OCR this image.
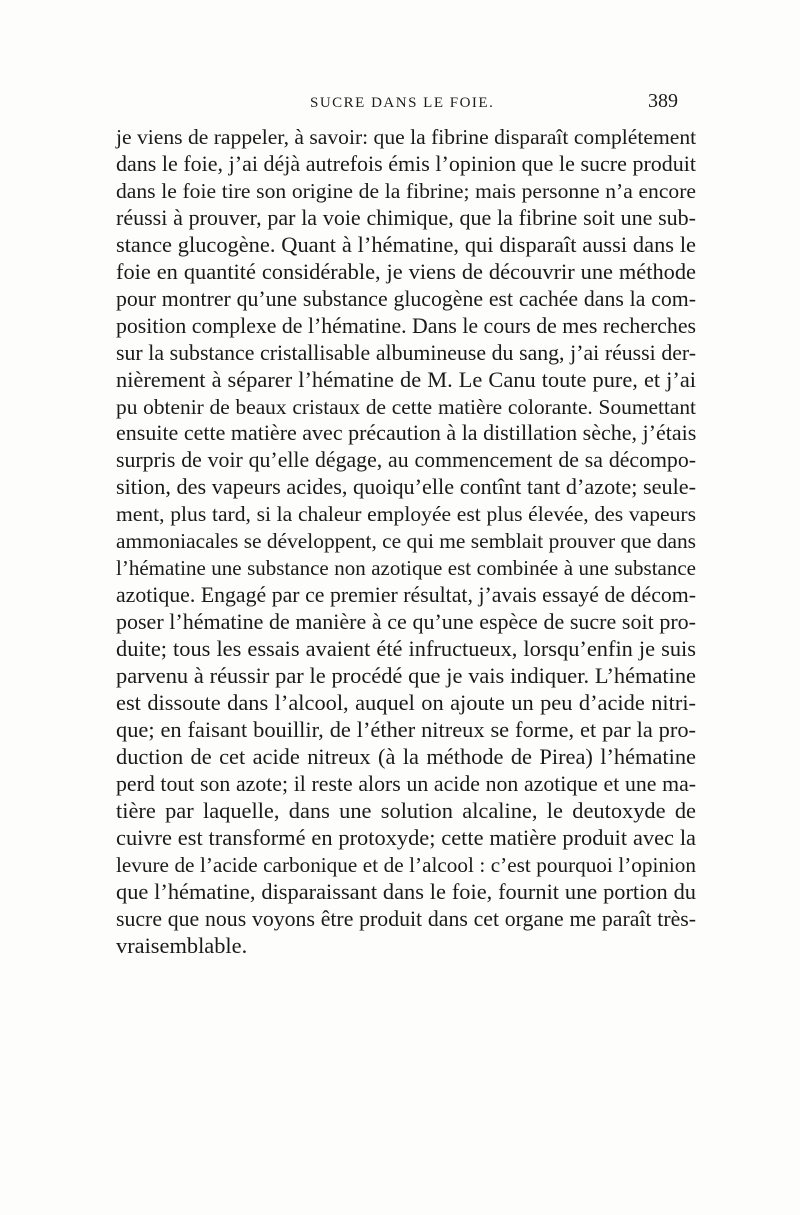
SUCRE DANS LE FOIE.	389
je viens de rappeler, à savoir: que la fibrine disparaît complétement
dans le foie, j’ai déjà autrefois émis l’opinion que le sucre produit
dans le foie tire son origine de la fibrine; mais personne n’a encore
réussi à prouver, par la voie chimique, que la fibrine soit une sub-
stance glucogène. Quant à l’hématine, qui disparaît aussi dans le
foie en quantité considérable, je viens de découvrir une méthode
pour montrer qu’une substance glucogène est cachée dans la com-
position complexe de l’hématine. Dans le cours de mes recherches
sur la substance cristallisable albumineuse du sang, j’ai réussi der-
nièrement à séparer l’hématine de M. Le Canu toute pure, et j’ai
pu obtenir de beaux cristaux de cette matière colorante. Soumettant
ensuite cette matière avec précaution à la distillation sèche, j’étais
surpris de voir qu’elle dégage, au commencement de sa décompo-
sition, des vapeurs acides, quoiqu’elle contînt tant d’azote; seule-
ment, plus tard, si la chaleur employée est plus élevée, des vapeurs
ammoniacales se développent, ce qui me semblait prouver que dans
l’hématine une substance non azotique est combinée à une substance
azotique. Engagé par ce premier résultat, j’avais essayé de décom-
poser l’hématine de manière à ce qu’une espèce de sucre soit pro-
duite; tous les essais avaient été infructueux, lorsqu’enfin je suis
parvenu à réussir par le procédé que je vais indiquer. L’hématine
est dissoute dans l’alcool, auquel on ajoute un peu d’acide nitri-
que; en faisant bouillir, de l’éther nitreux se forme, et par la pro-
duction de cet acide nitreux (à la méthode de Pirea) l’hématine
perd tout son azote; il reste alors un acide non azotique et une ma-
tière par laquelle, dans une solution alcaline, le deutoxyde de
cuivre est transformé en protoxyde; cette matière produit avec la
levure de l’acide carbonique et de l’alcool : c’est pourquoi l’opinion
que l’hématine, disparaissant dans le foie, fournit une portion du
sucre que nous voyons être produit dans cet organe me paraît très-
vraisemblable.
